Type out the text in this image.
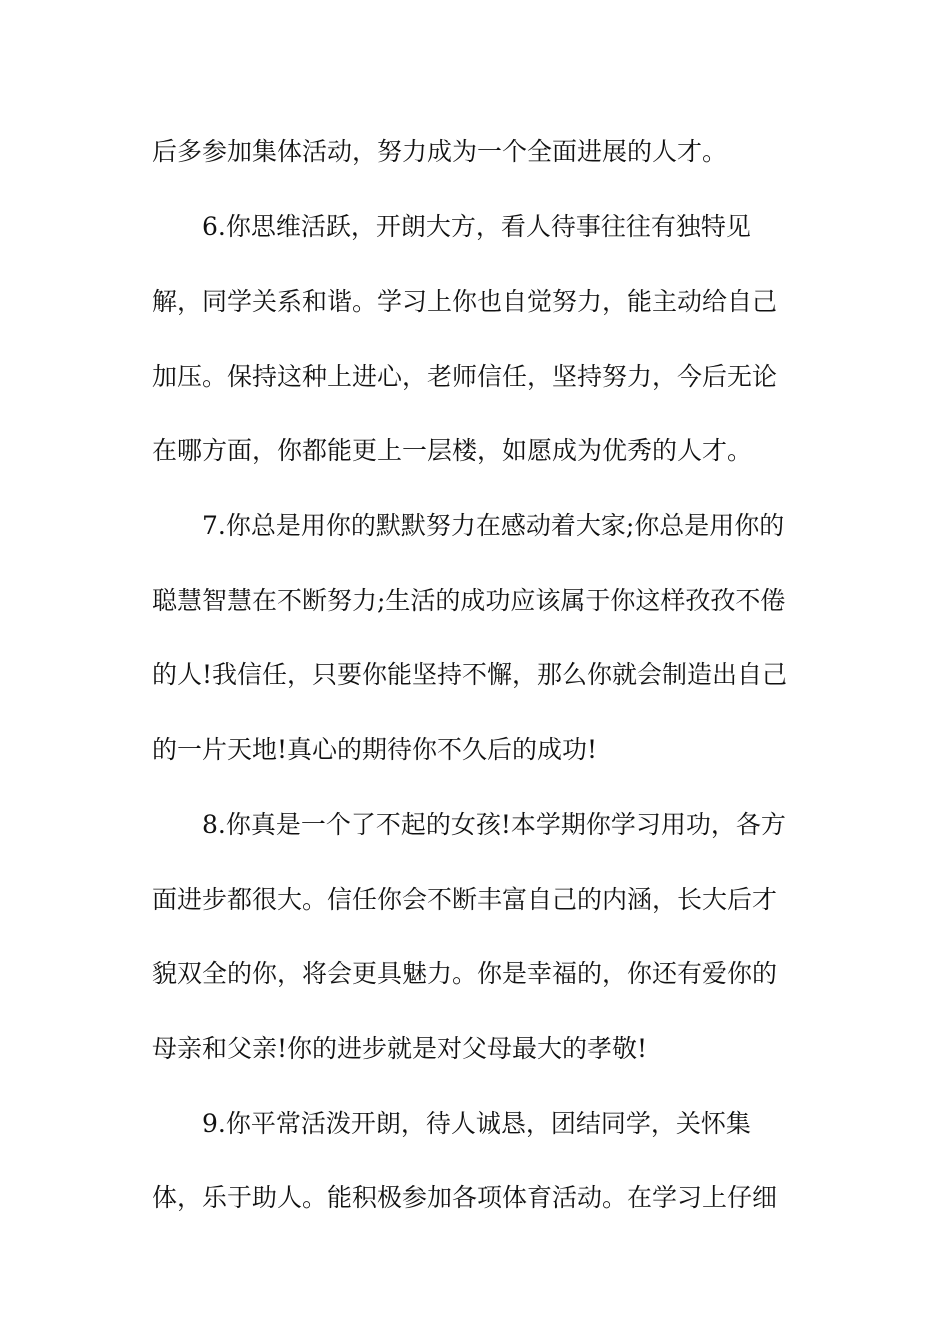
后多参加集体活动，努力成为一个全面进展的人才。
6.你思维活跃，开朗大方，看人待事往往有独特见
解，同学关系和谐。学习上你也自觉努力，能主动给自己
加压。保持这种上进心，老师信任，坚持努力，今后无论
在哪方面，你都能更上一层楼，如愿成为优秀的人才。
7.你总是用你的默默努力在感动着大家;你总是用你的
聪慧智慧在不断努力;生活的成功应该属于你这样孜孜不倦
的人!我信任，只要你能坚持不懈，那么你就会制造出自己
的一片天地!真心的期待你不久后的成功!
8.你真是一个了不起的女孩!本学期你学习用功，各方
面进步都很大。信任你会不断丰富自己的内涵，长大后才
貌双全的你，将会更具魅力。你是幸福的，你还有爱你的
母亲和父亲!你的进步就是对父母最大的孝敬!
9.你平常活泼开朗，待人诚恳，团结同学，关怀集
体，乐于助人。能积极参加各项体育活动。在学习上仔细
